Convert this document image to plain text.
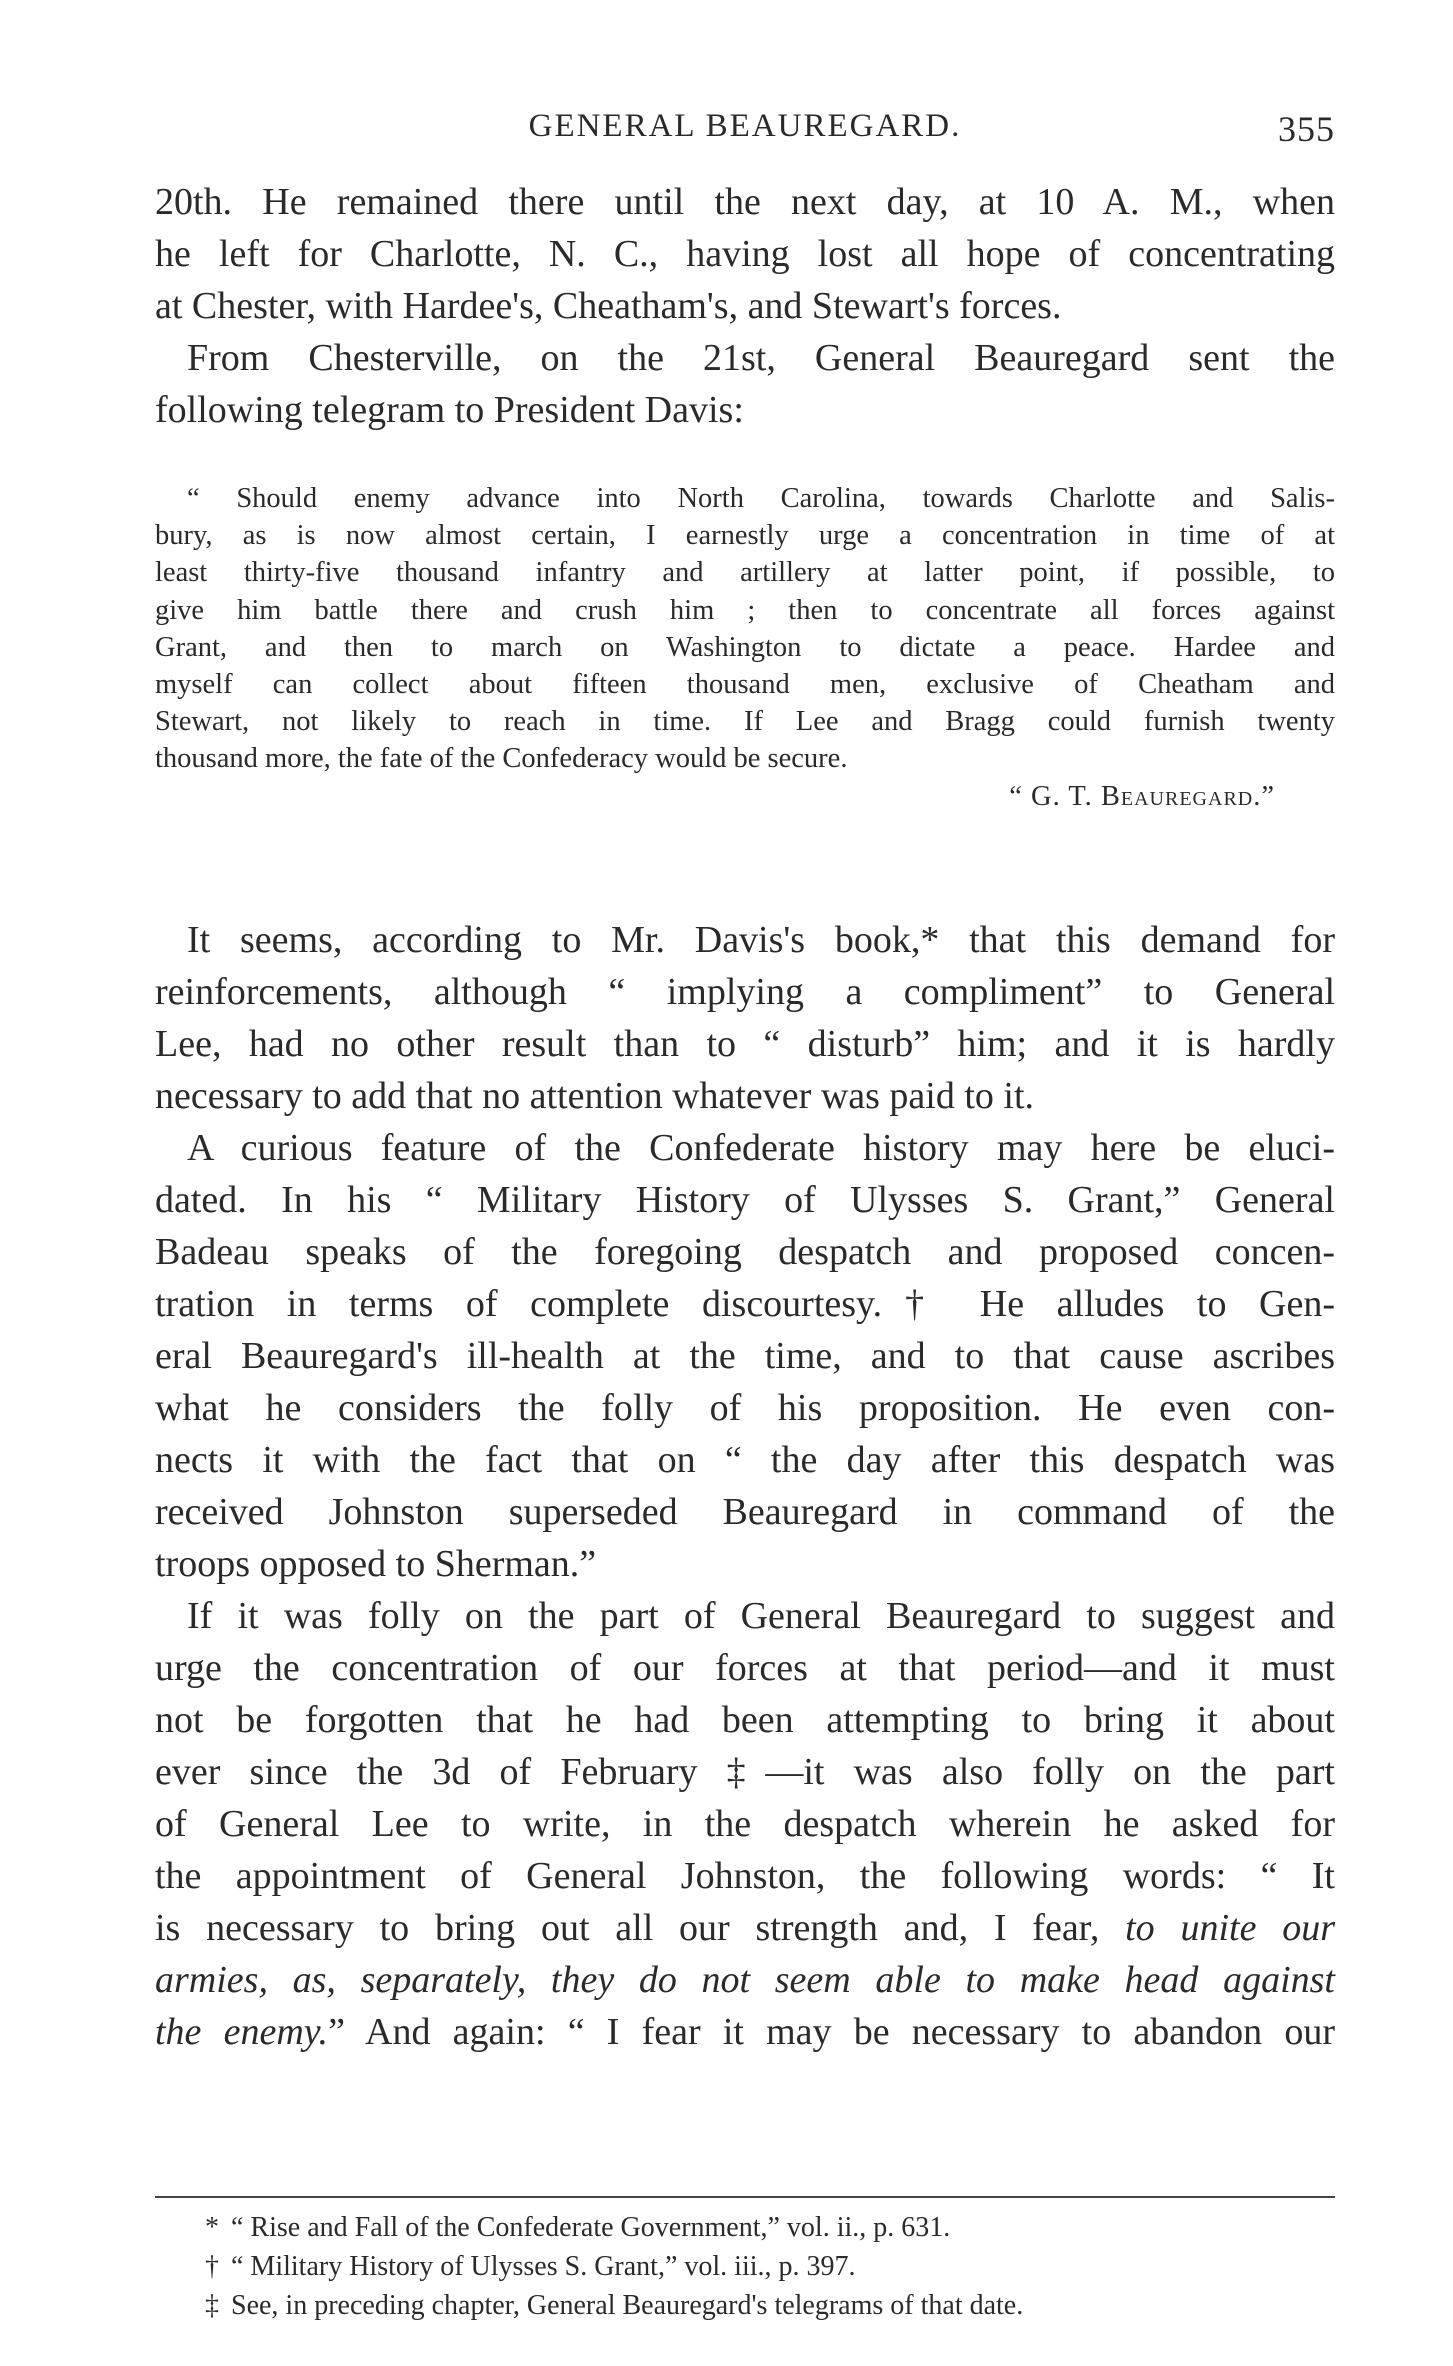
GENERAL BEAUREGARD.	355
20th. He remained there until the next day, at 10 A. M., when
he left for Charlotte, N. C., having lost all hope of concentrating
at Chester, with Hardee's, Cheatham's, and Stewart's forces.
From Chesterville, on the 21st, General Beauregard sent the
following telegram to President Davis:
“ Should enemy advance into North Carolina, towards Charlotte and Salis-
bury, as is now almost certain, I earnestly urge a concentration in time of at
least thirty-five thousand infantry and artillery at latter point, if possible, to
give him battle there and crush him ; then to concentrate all forces against
Grant, and then to march on Washington to dictate a peace. Hardee and
myself can collect about fifteen thousand men, exclusive of Cheatham and
Stewart, not likely to reach in time. If Lee and Bragg could furnish twenty
thousand more, the fate of the Confederacy would be secure.
“ G. T. Beauregard.”
It seems, according to Mr. Davis's book,* that this demand for
reinforcements, although “ implying a compliment” to General
Lee, had no other result than to “ disturb” him; and it is hardly
necessary to add that no attention whatever was paid to it.
A curious feature of the Confederate history may here be eluci-
dated. In his “ Military History of Ulysses S. Grant,” General
Badeau speaks of the foregoing despatch and proposed concen-
tration in terms of complete discourtesy.† He alludes to Gen-
eral Beauregard's ill-health at the time, and to that cause ascribes
what he considers the folly of his proposition. He even con-
nects it with the fact that on “ the day after this despatch was
received Johnston superseded Beauregard in command of the
troops opposed to Sherman.”
If it was folly on the part of General Beauregard to suggest and
urge the concentration of our forces at that period—and it must
not be forgotten that he had been attempting to bring it about
ever since the 3d of February ‡—it was also folly on the part
of General Lee to write, in the despatch wherein he asked for
the appointment of General Johnston, the following words: “ It
is necessary to bring out all our strength and, I fear, to unite our
armies, as, separately, they do not seem able to make head against
the enemy.” And again: “ I fear it may be necessary to abandon our
* “ Rise and Fall of the Confederate Government,” vol. ii., p. 631.
† “ Military History of Ulysses S. Grant,” vol. iii., p. 397.
‡ See, in preceding chapter, General Beauregard's telegrams of that date.
